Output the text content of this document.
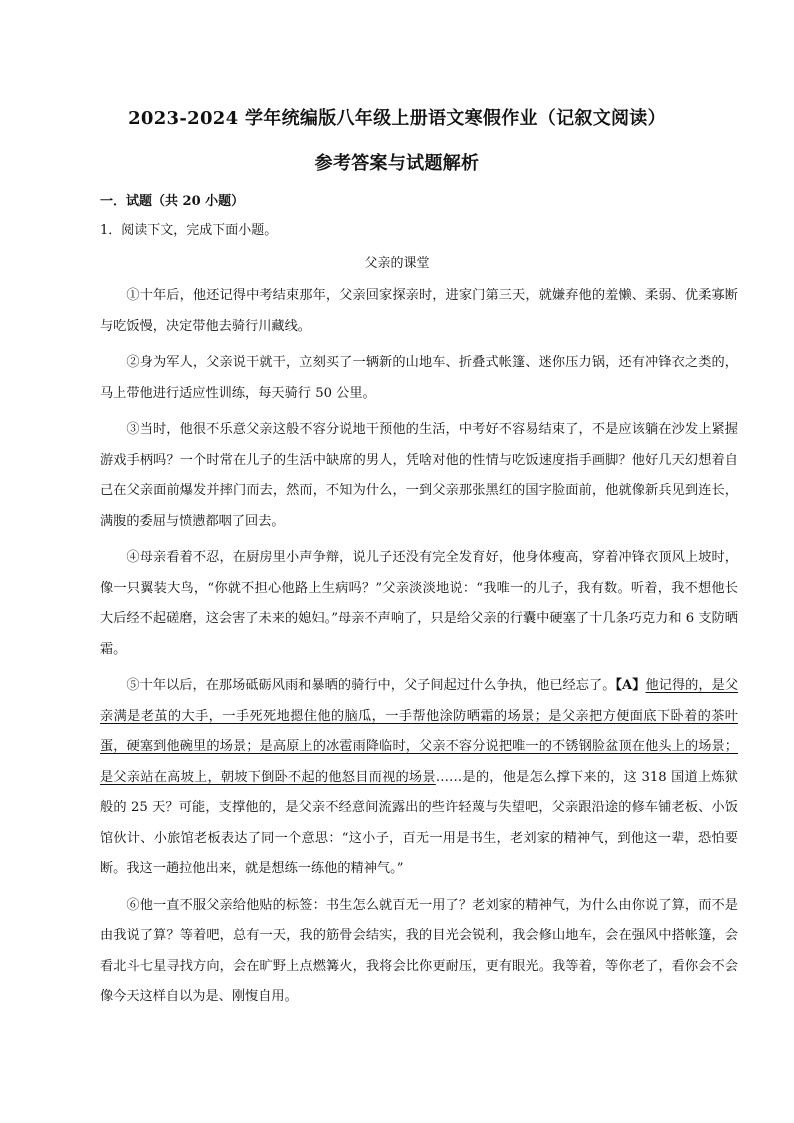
2023-2024 学年统编版八年级上册语文寒假作业（记叙文阅读）
参考答案与试题解析
一．试题（共 20 小题）
1．阅读下文，完成下面小题。
父亲的课堂

①十年后，他还记得中考结束那年，父亲回家探亲时，进家门第三天，就嫌弃他的羞懒、柔弱、优柔寡断与吃饭慢，决定带他去骑行川藏线。

②身为军人，父亲说干就干，立刻买了一辆新的山地车、折叠式帐篷、迷你压力锅，还有冲锋衣之类的，马上带他进行适应性训练，每天骑行 50 公里。

③当时，他很不乐意父亲这般不容分说地干预他的生活，中考好不容易结束了，不是应该躺在沙发上紧握游戏手柄吗？一个时常在儿子的生活中缺席的男人，凭啥对他的性情与吃饭速度指手画脚？他好几天幻想着自己在父亲面前爆发并摔门而去，然而，不知为什么，一到父亲那张黑红的国字脸面前，他就像新兵见到连长，满腹的委屈与愤懑都咽了回去。

④母亲看着不忍，在厨房里小声争辩，说儿子还没有完全发育好，他身体瘦高，穿着冲锋衣顶风上坡时，像一只翼装大鸟，“你就不担心他路上生病吗？”父亲淡淡地说：“我唯一的儿子，我有数。听着，我不想他长大后经不起磋磨，这会害了未来的媳妇。”母亲不声响了，只是给父亲的行囊中硬塞了十几条巧克力和 6 支防晒霜。

⑤十年以后，在那场砥砺风雨和暴晒的骑行中，父子间起过什么争执，他已经忘了。【A】他记得的，是父亲满是老茧的大手，一手死死地摁住他的脑瓜，一手帮他涂防晒霜的场景；是父亲把方便面底下卧着的茶叶蛋，硬塞到他碗里的场景；是高原上的冰雹雨降临时，父亲不容分说把唯一的不锈钢脸盆顶在他头上的场景；是父亲站在高坡上，朝坡下倒卧不起的他怒目而视的场景……是的，他是怎么撑下来的，这 318 国道上炼狱般的 25 天？可能，支撑他的，是父亲不经意间流露出的些许轻蔑与失望吧，父亲跟沿途的修车铺老板、小饭馆伙计、小旅馆老板表达了同一个意思：“这小子，百无一用是书生，老刘家的精神气，到他这一辈，恐怕要断。我这一趟拉他出来，就是想练一练他的精神气。”

⑥他一直不服父亲给他贴的标签：书生怎么就百无一用了？老刘家的精神气，为什么由你说了算，而不是由我说了算？等着吧，总有一天，我的筋骨会结实，我的目光会锐利，我会修山地车，会在强风中搭帐篷，会看北斗七星寻找方向，会在旷野上点燃篝火，我将会比你更耐压，更有眼光。我等着，等你老了，看你会不会像今天这样自以为是、刚愎自用。
